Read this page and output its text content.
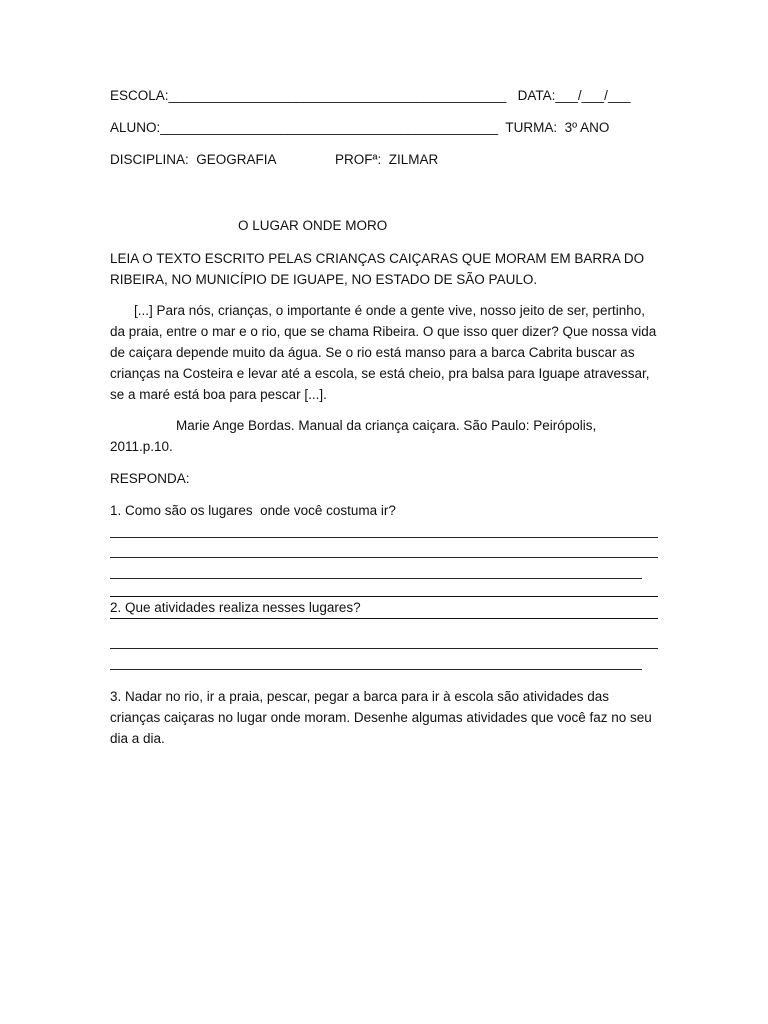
ESCOLA:_____________________________________________   DATA:___/___/___
ALUNO:_____________________________________________  TURMA:  3º ANO
DISCIPLINA:  GEOGRAFIA	PROFª:  ZILMAR
O LUGAR ONDE MORO
LEIA O TEXTO ESCRITO PELAS CRIANÇAS CAIÇARAS QUE MORAM EM BARRA DO RIBEIRA, NO MUNICÍPIO DE IGUAPE, NO ESTADO DE SÃO PAULO.
[...] Para nós, crianças, o importante é onde a gente vive, nosso jeito de ser, pertinho, da praia, entre o mar e o rio, que se chama Ribeira. O que isso quer dizer? Que nossa vida de caiçara depende muito da água. Se o rio está manso para a barca Cabrita buscar as crianças na Costeira e levar até a escola, se está cheio, pra balsa para Iguape atravessar, se a maré está boa para pescar [...].
Marie Ange Bordas. Manual da criança caiçara. São Paulo: Peirópolis, 2011.p.10.
RESPONDA:
1. Como são os lugares  onde você costuma ir?
2. Que atividades realiza nesses lugares?
3. Nadar no rio, ir a praia, pescar, pegar a barca para ir à escola são atividades das crianças caiçaras no lugar onde moram. Desenhe algumas atividades que você faz no seu dia a dia.
